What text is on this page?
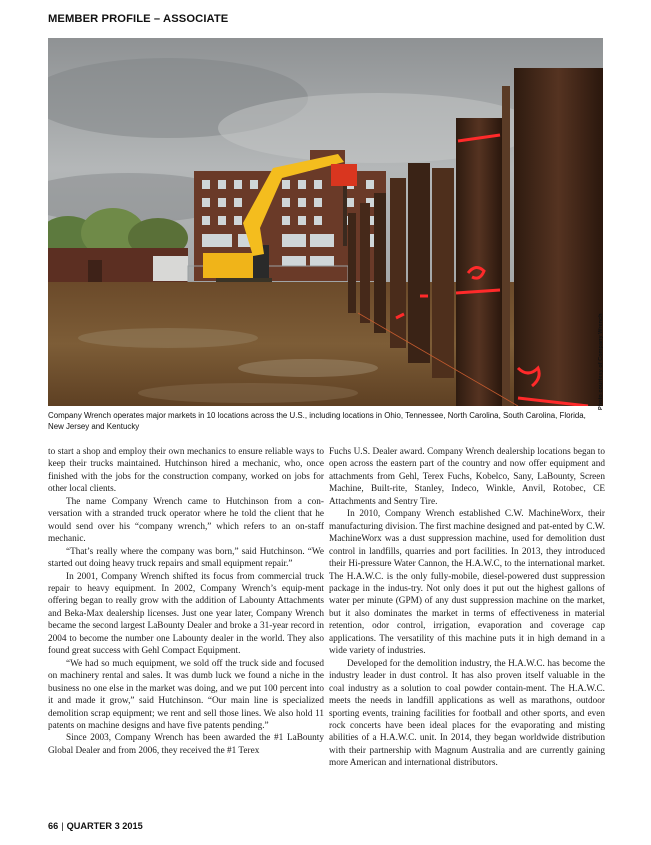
MEMBER PROFILE – ASSOCIATE
Photo courtesy of Company Wrench
Company Wrench operates major markets in 10 locations across the U.S., including locations in Ohio, Tennessee, North Carolina, South Carolina, Florida, New Jersey and Kentucky

to start a shop and employ their own mechanics to ensure reliable ways to keep their trucks maintained. Hutchinson hired a mechanic, who, once finished with the jobs for the construction company, worked on jobs for other local clients.

The name Company Wrench came to Hutchinson from a con-versation with a stranded truck operator where he told the client that he would send over his “company wrench,” which refers to an on-staff mechanic.

“That’s really where the company was born,” said Hutchinson. “We started out doing heavy truck repairs and small equipment repair.”

In 2001, Company Wrench shifted its focus from commercial truck repair to heavy equipment. In 2002, Company Wrench’s equip-ment offering began to really grow with the addition of Labounty Attachments and Beka-Max dealership licenses. Just one year later, Company Wrench became the second largest LaBounty Dealer and broke a 31-year record in 2004 to become the number one Labounty dealer in the world. They also found great success with Gehl Compact Equipment.

“We had so much equipment, we sold off the truck side and focused on machinery rental and sales. It was dumb luck we found a niche in the business no one else in the market was doing, and we put 100 percent into it and made it grow,” said Hutchinson. “Our main line is specialized demolition scrap equipment; we rent and sell those lines. We also hold 11 patents on machine designs and have five patents pending.”

Since 2003, Company Wrench has been awarded the #1 LaBounty Global Dealer and from 2006, they received the #1 Terex

Fuchs U.S. Dealer award. Company Wrench dealership locations began to open across the eastern part of the country and now offer equipment and attachments from Gehl, Terex Fuchs, Kobelco, Sany, LaBounty, Screen Machine, Built-rite, Stanley, Indeco, Winkle, Anvil, Rotobec, CE Attachments and Sentry Tire.

In 2010, Company Wrench established C.W. MachineWorx, their manufacturing division. The first machine designed and pat-ented by C.W. MachineWorx was a dust suppression machine, used for demolition dust control in landfills, quarries and port facilities. In 2013, they introduced their Hi-pressure Water Cannon, the H.A.W.C, to the international market. The H.A.W.C. is the only fully-mobile, diesel-powered dust suppression package in the indus-try. Not only does it put out the highest gallons of water per minute (GPM) of any dust suppression machine on the market, but it also dominates the market in terms of effectiveness in material retention, odor control, irrigation, evaporation and coverage cap applications. The versatility of this machine puts it in high demand in a wide variety of industries.

Developed for the demolition industry, the H.A.W.C. has become the industry leader in dust control. It has also proven itself valuable in the coal industry as a solution to coal powder contain-ment. The H.A.W.C. meets the needs in landfill applications as well as marathons, outdoor sporting events, training facilities for football and other sports, and even rock concerts have been ideal places for the evaporating and misting abilities of a H.A.W.C. unit. In 2014, they began worldwide distribution with their partnership with Magnum Australia and are currently gaining more American and international distributors.

66 | QUARTER 3 2015
